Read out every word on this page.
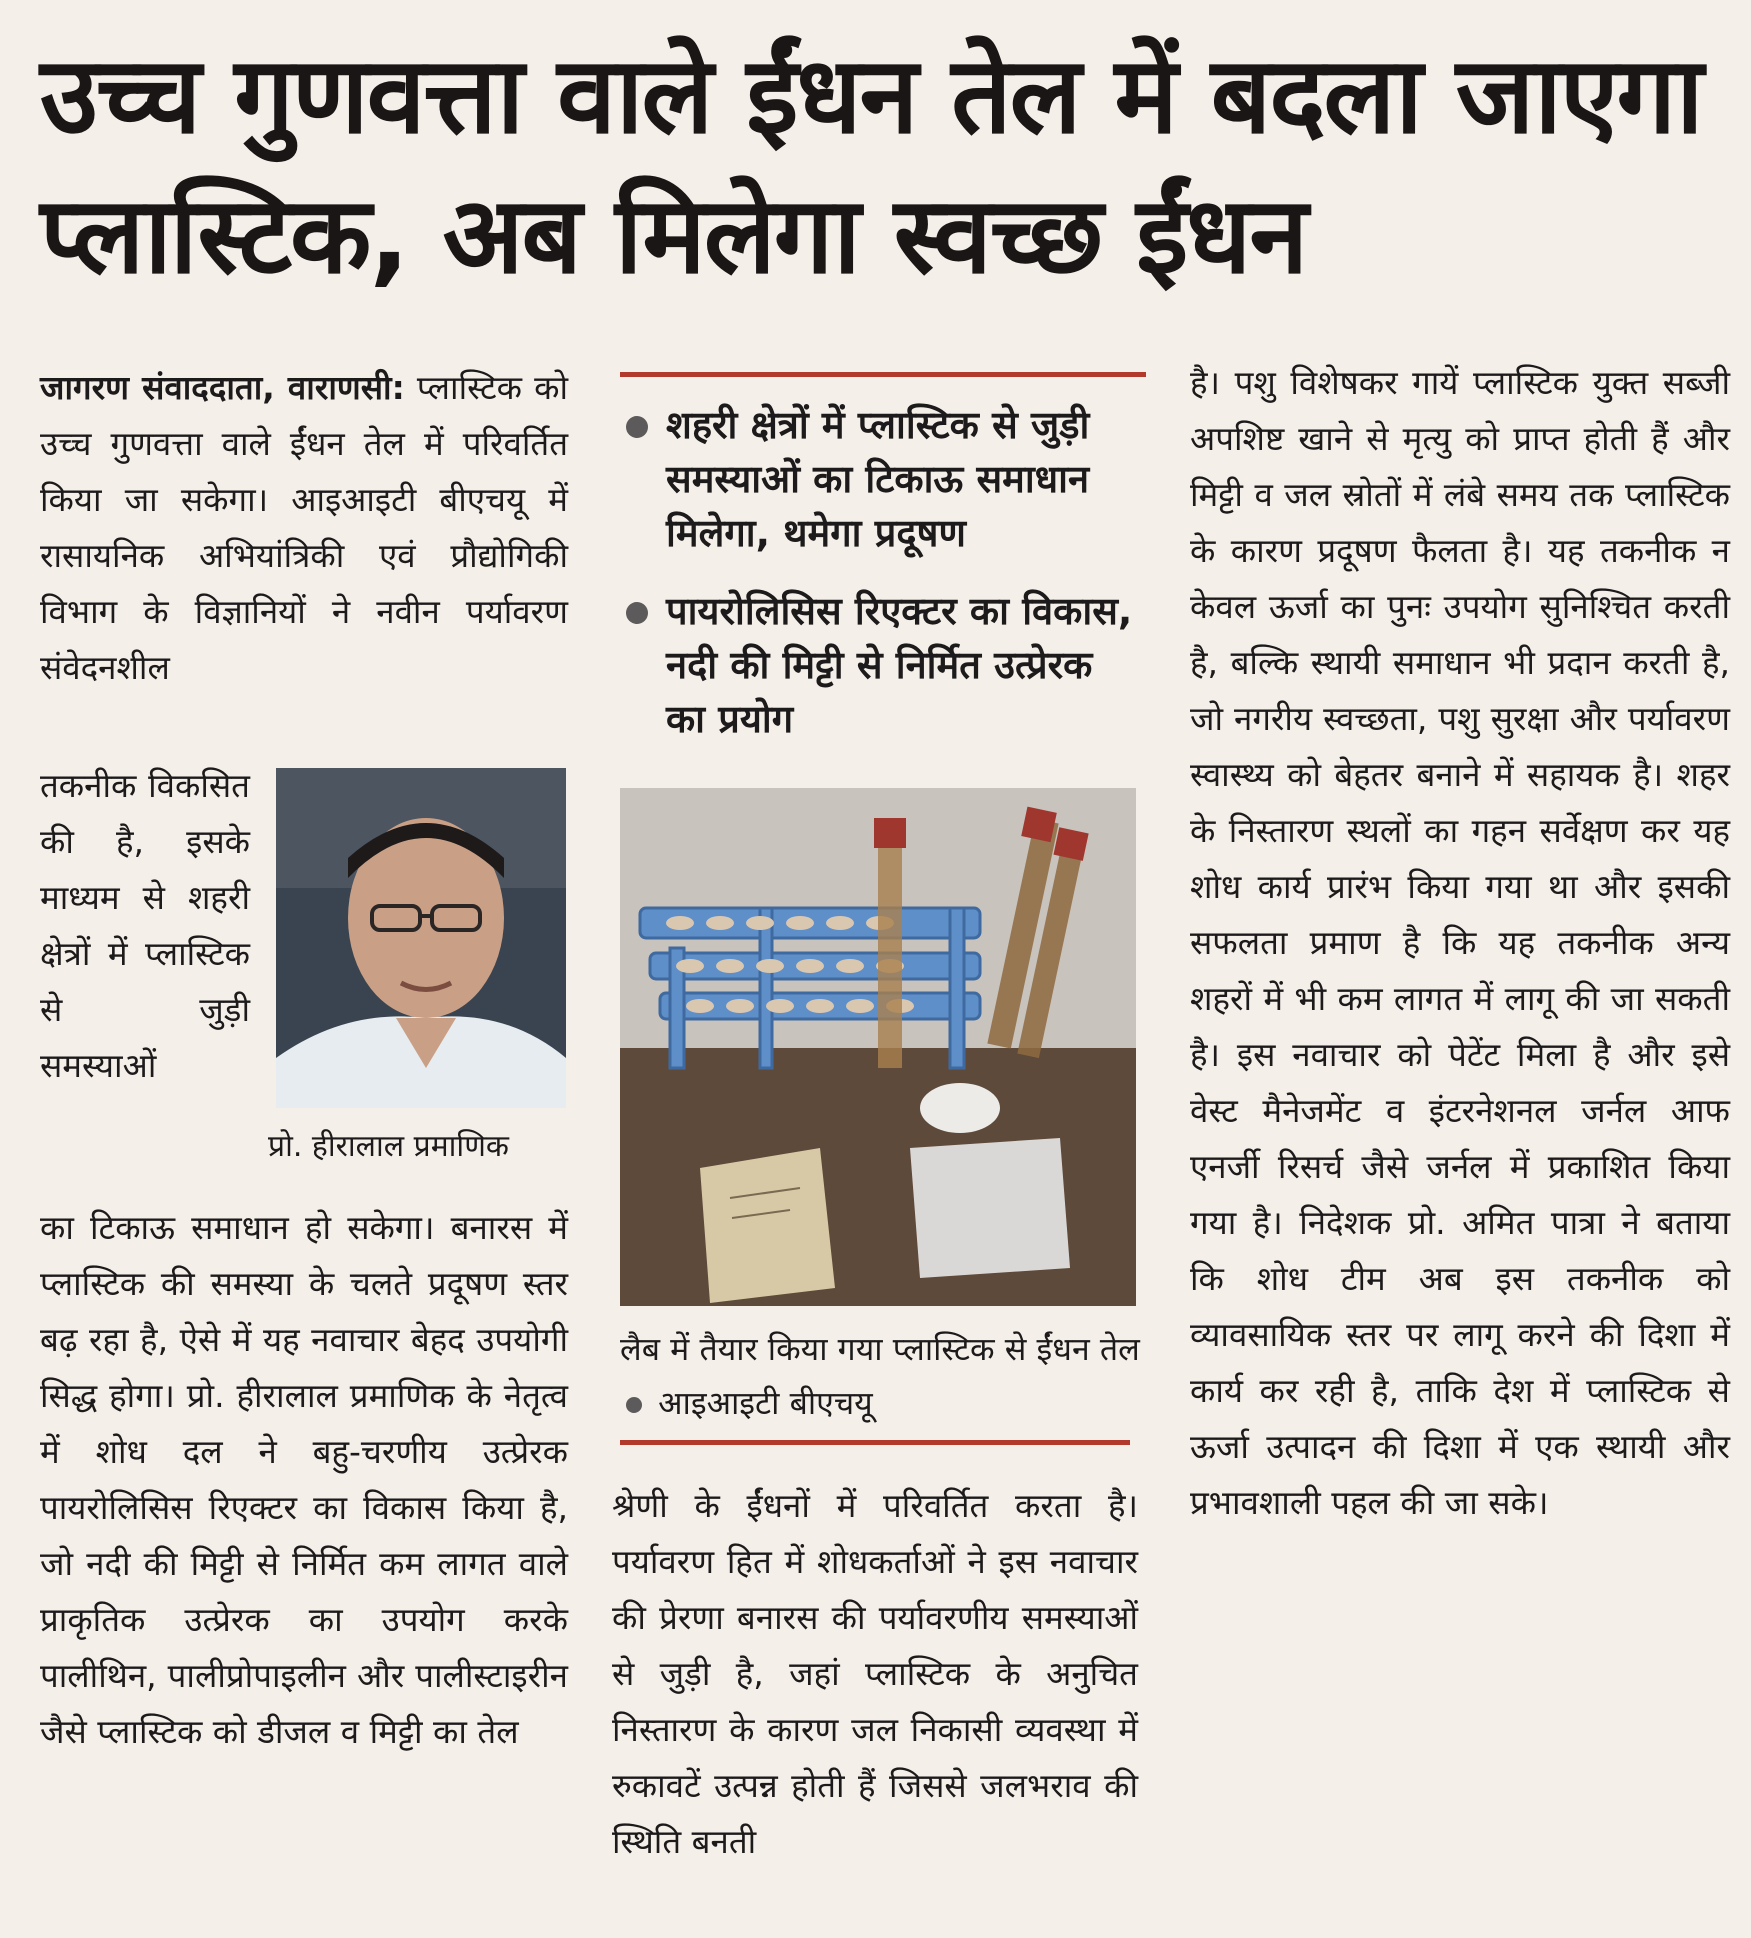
उच्च गुणवत्ता वाले ईंधन तेल में बदला जाएगा
प्लास्टिक, अब मिलेगा स्वच्छ ईंधन

जागरण संवाददाता, वाराणसी: प्लास्टिक को उच्च गुणवत्ता वाले ईंधन तेल में परिवर्तित किया जा सकेगा। आइआइटी बीएचयू में रासायनिक अभियांत्रिकी एवं प्रौद्योगिकी विभाग के विज्ञानियों ने नवीन पर्यावरण संवेदनशील

तकनीक विकसित की है, इसके माध्यम से शहरी क्षेत्रों में प्लास्टिक से जुड़ी समस्याओं

प्रो. हीरालाल प्रमाणिक

का टिकाऊ समाधान हो सकेगा। बनारस में प्लास्टिक की समस्या के चलते प्रदूषण स्तर बढ़ रहा है, ऐसे में यह नवाचार बेहद उपयोगी सिद्ध होगा। प्रो. हीरालाल प्रमाणिक के नेतृत्व में शोध दल ने बहु-चरणीय उत्प्रेरक पायरोलिसिस रिएक्टर का विकास किया है, जो नदी की मिट्टी से निर्मित कम लागत वाले प्राकृतिक उत्प्रेरक का उपयोग करके पालीथिन, पालीप्रोपाइलीन और पालीस्टाइरीन जैसे प्लास्टिक को डीजल व मिट्टी का तेल

शहरी क्षेत्रों में प्लास्टिक से जुड़ी समस्याओं का टिकाऊ समाधान मिलेगा, थमेगा प्रदूषण
पायरोलिसिस रिएक्टर का विकास, नदी की मिट्टी से निर्मित उत्प्रेरक का प्रयोग
लैब में तैयार किया गया प्लास्टिक से ईंधन तेल  आइआइटी बीएचयू

श्रेणी के ईंधनों में परिवर्तित करता है। पर्यावरण हित में शोधकर्ताओं ने इस नवाचार की प्रेरणा बनारस की पर्यावरणीय समस्याओं से जुड़ी है, जहां प्लास्टिक के अनुचित निस्तारण के कारण जल निकासी व्यवस्था में रुकावटें उत्पन्न होती हैं जिससे जलभराव की स्थिति बनती

है। पशु विशेषकर गायें प्लास्टिक युक्त सब्जी अपशिष्ट खाने से मृत्यु को प्राप्त होती हैं और मिट्टी व जल स्रोतों में लंबे समय तक प्लास्टिक के कारण प्रदूषण फैलता है। यह तकनीक न केवल ऊर्जा का पुनः उपयोग सुनिश्चित करती है, बल्कि स्थायी समाधान भी प्रदान करती है, जो नगरीय स्वच्छता, पशु सुरक्षा और पर्यावरण स्वास्थ्य को बेहतर बनाने में सहायक है। शहर के निस्तारण स्थलों का गहन सर्वेक्षण कर यह शोध कार्य प्रारंभ किया गया था और इसकी सफलता प्रमाण है कि यह तकनीक अन्य शहरों में भी कम लागत में लागू की जा सकती है। इस नवाचार को पेटेंट मिला है और इसे वेस्ट मैनेजमेंट व इंटरनेशनल जर्नल आफ एनर्जी रिसर्च जैसे जर्नल में प्रकाशित किया गया है। निदेशक प्रो. अमित पात्रा ने बताया कि शोध टीम अब इस तकनीक को व्यावसायिक स्तर पर लागू करने की दिशा में कार्य कर रही है, ताकि देश में प्लास्टिक से ऊर्जा उत्पादन की दिशा में एक स्थायी और प्रभावशाली पहल की जा सके।
